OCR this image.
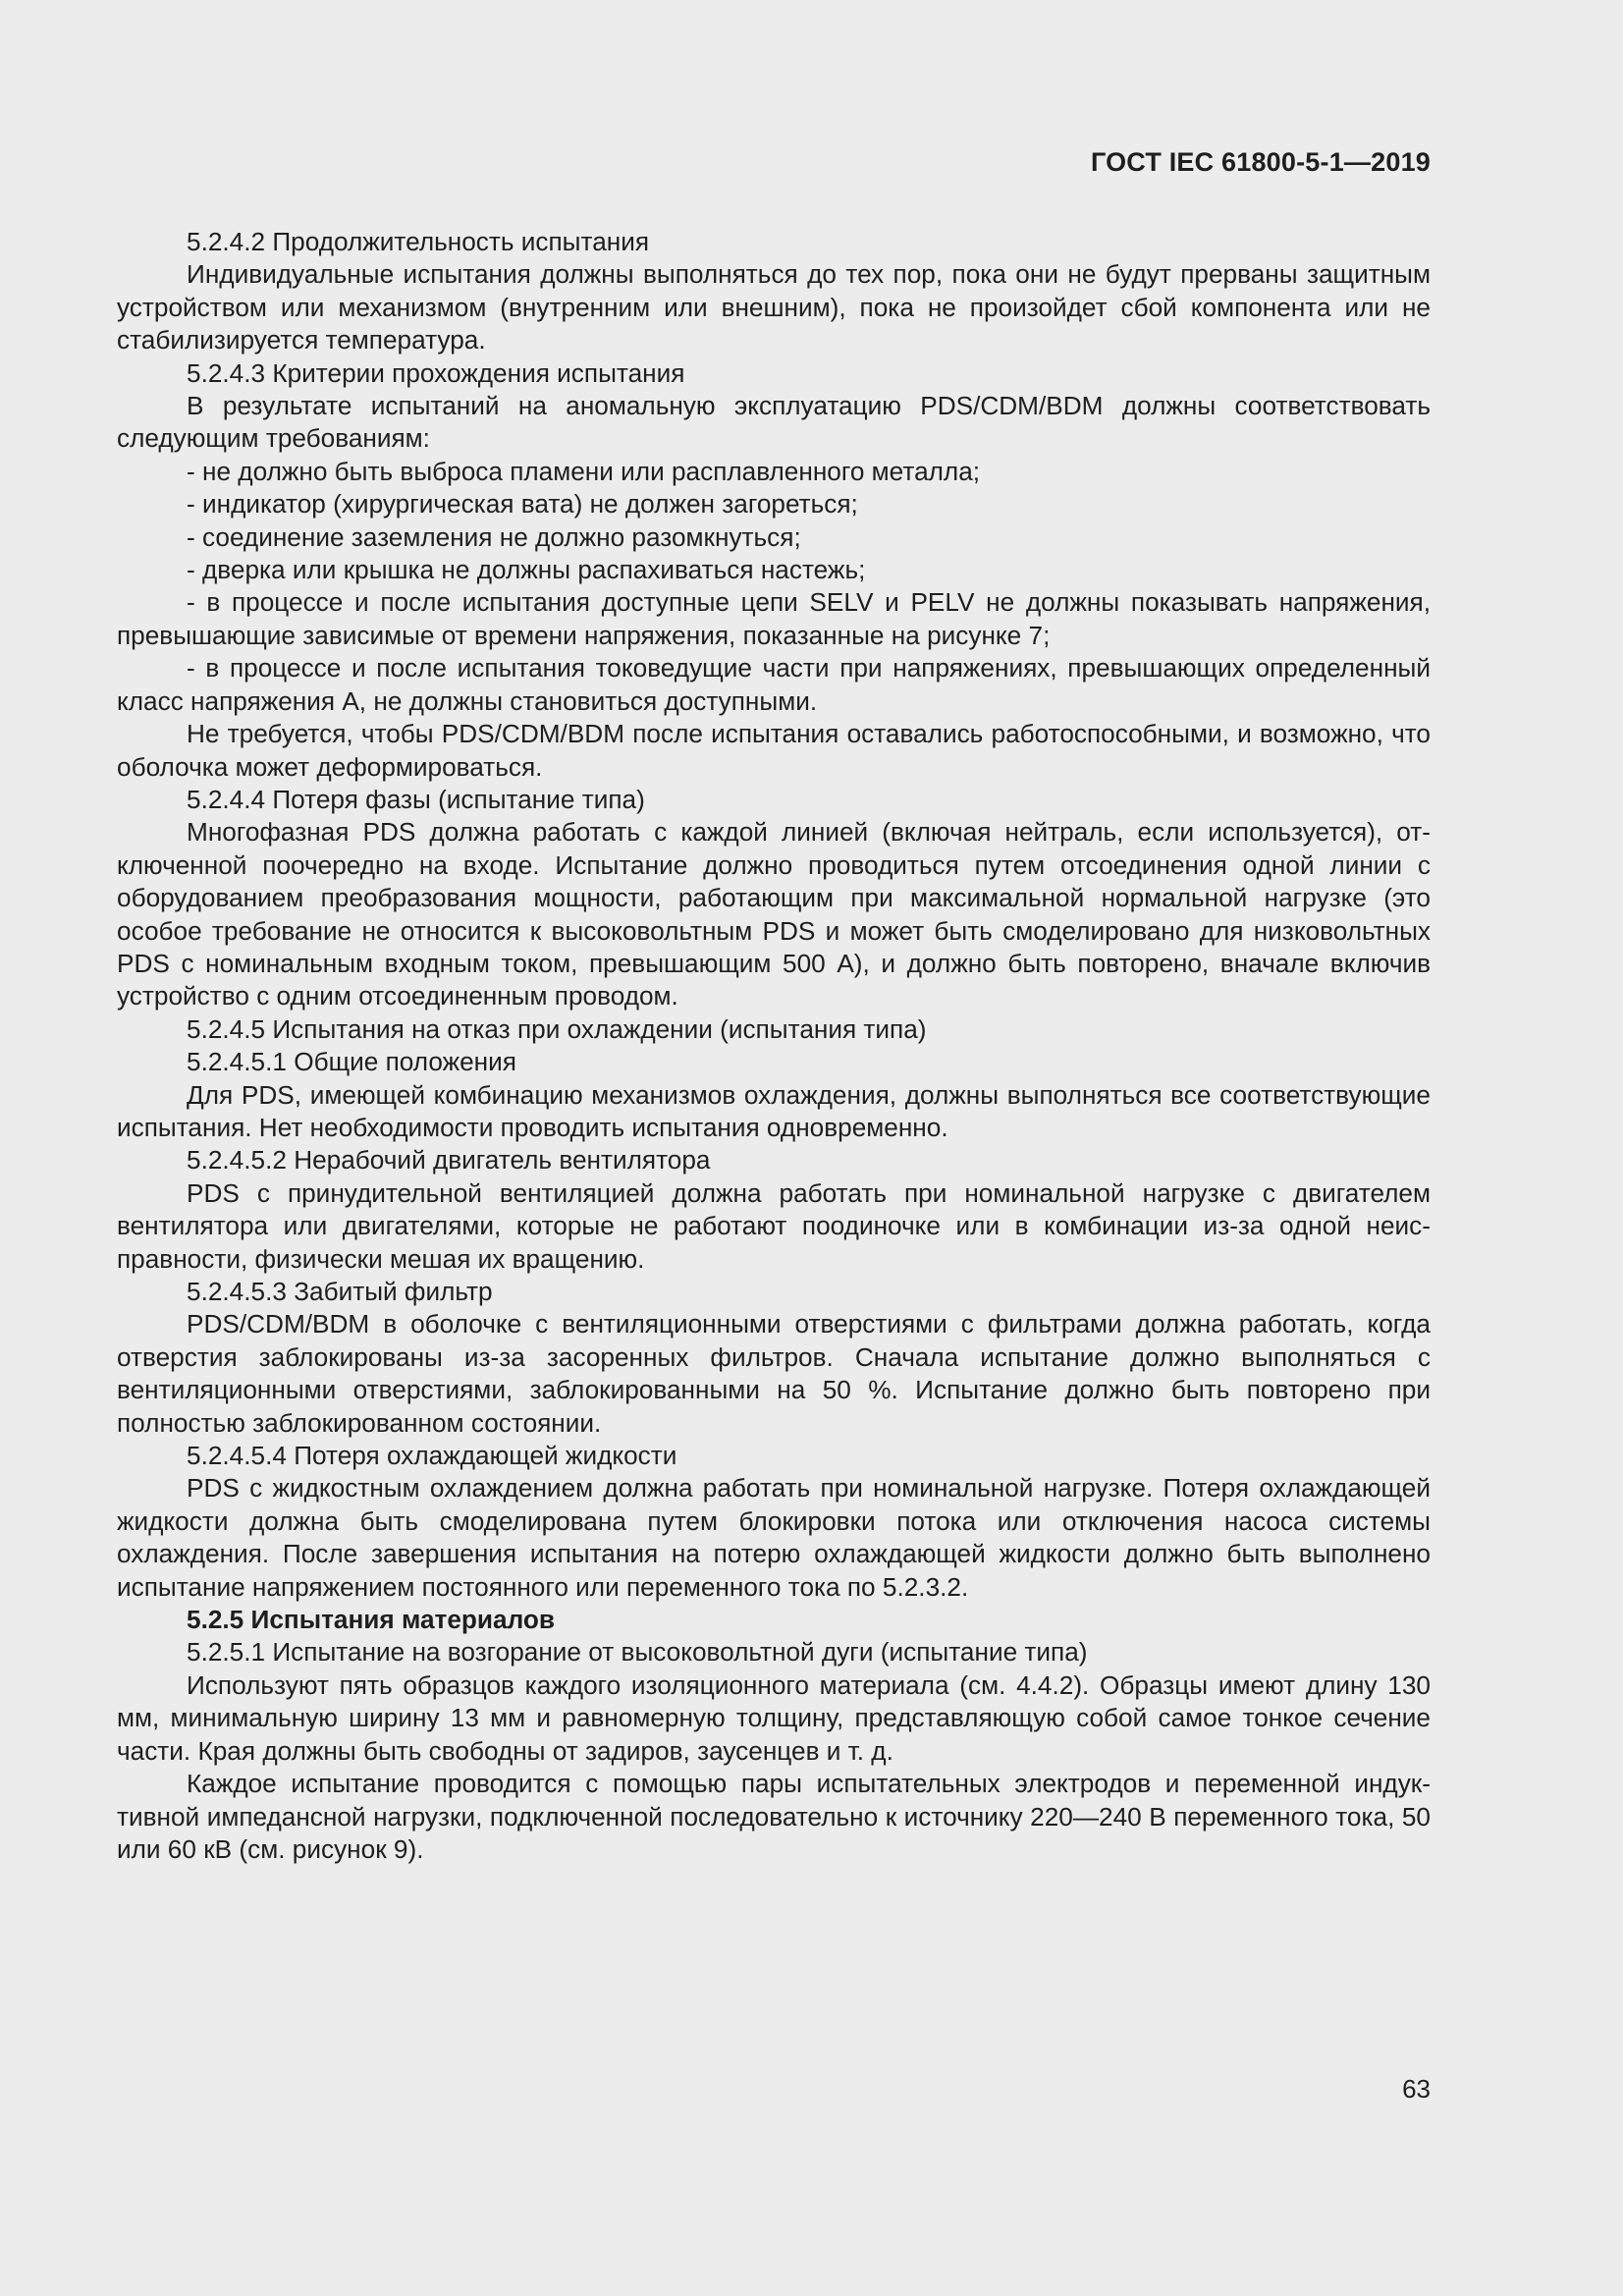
ГОСТ IEC 61800-5-1—2019

5.2.4.2 Продолжительность испытания

Индивидуальные испытания должны выполняться до тех пор, пока они не будут прерваны защитным устройством или механизмом (внутренним или внешним), пока не произойдет сбой компонента или не стабилизируется температура.

5.2.4.3 Критерии прохождения испытания

В результате испытаний на аномальную эксплуатацию PDS/CDM/BDM должны соответствовать следующим требованиям:

- не должно быть выброса пламени или расплавленного металла;

- индикатор (хирургическая вата) не должен загореться;

- соединение заземления не должно разомкнуться;

- дверка или крышка не должны распахиваться настежь;

- в процессе и после испытания доступные цепи SELV и PELV не должны показывать напряжения, превышающие зависимые от времени напряжения, показанные на рисунке 7;

- в процессе и после испытания токоведущие части при напряжениях, превышающих определенный класс напряжения А, не должны становиться доступными.

Не требуется, чтобы PDS/CDM/BDM после испытания оставались работоспособными, и возможно, что оболочка может деформироваться.

5.2.4.4 Потеря фазы (испытание типа)

Многофазная PDS должна работать с каждой линией (включая нейтраль, если используется), отключенной поочередно на входе. Испытание должно проводиться путем отсоединения одной линии с оборудованием преобразования мощности, работающим при максимальной нормальной нагрузке (это особое требование не относится к высоковольтным PDS и может быть смоделировано для низковольтных PDS с номинальным входным током, превышающим 500 А), и должно быть повторено, вначале включив устройство с одним отсоединенным проводом.

5.2.4.5 Испытания на отказ при охлаждении (испытания типа)

5.2.4.5.1 Общие положения

Для PDS, имеющей комбинацию механизмов охлаждения, должны выполняться все соответствующие испытания. Нет необходимости проводить испытания одновременно.

5.2.4.5.2 Нерабочий двигатель вентилятора

PDS с принудительной вентиляцией должна работать при номинальной нагрузке с двигателем вентилятора или двигателями, которые не работают поодиночке или в комбинации из-за одной неисправности, физически мешая их вращению.

5.2.4.5.3 Забитый фильтр

PDS/CDM/BDM в оболочке с вентиляционными отверстиями с фильтрами должна работать, когда отверстия заблокированы из-за засоренных фильтров. Сначала испытание должно выполняться с вентиляционными отверстиями, заблокированными на 50 %. Испытание должно быть повторено при полностью заблокированном состоянии.

5.2.4.5.4 Потеря охлаждающей жидкости

PDS с жидкостным охлаждением должна работать при номинальной нагрузке. Потеря охлаждающей жидкости должна быть смоделирована путем блокировки потока или отключения насоса системы охлаждения. После завершения испытания на потерю охлаждающей жидкости должно быть выполнено испытание напряжением постоянного или переменного тока по 5.2.3.2.

5.2.5 Испытания материалов

5.2.5.1 Испытание на возгорание от высоковольтной дуги (испытание типа)

Используют пять образцов каждого изоляционного материала (см. 4.4.2). Образцы имеют длину 130 мм, минимальную ширину 13 мм и равномерную толщину, представляющую собой самое тонкое сечение части. Края должны быть свободны от задиров, заусенцев и т. д.

Каждое испытание проводится с помощью пары испытательных электродов и переменной индуктивной импедансной нагрузки, подключенной последовательно к источнику 220—240 В переменного тока, 50 или 60 кВ (см. рисунок 9).

63
